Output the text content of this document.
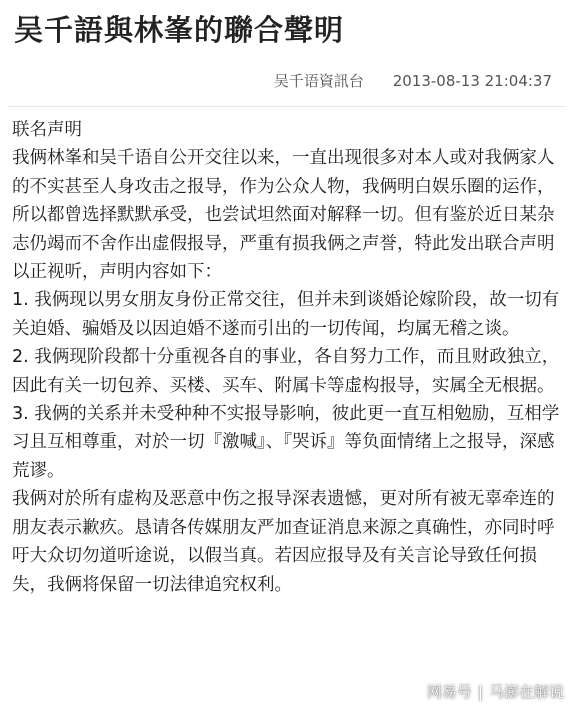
吴千語與林峯的聯合聲明
吴千语資訊台 2013-08-13 21:04:37
联名声明
我俩林峯和吴千语自公开交往以来，一直出现很多对本人或对我俩家人的不实甚至人身攻击之报导，作为公众人物，我俩明白娱乐圈的运作，所以都曾选择默默承受，也尝试坦然面对解释一切。但有鉴於近日某杂志仍竭而不舍作出虚假报导，严重有损我俩之声誉，特此发出联合声明以正视听，声明内容如下：
1. 我俩现以男女朋友身份正常交往，但并未到谈婚论嫁阶段，故一切有关迫婚、骗婚及以因迫婚不遂而引出的一切传闻，均属无稽之谈。
2. 我俩现阶段都十分重视各自的事业，各自努力工作，而且财政独立，因此有关一切包养、买楼、买车、附属卡等虚构报导，实属全无根据。
3. 我俩的关系并未受种种不实报导影响，彼此更一直互相勉励，互相学习且互相尊重，对於一切『激喊』、『哭诉』等负面情绪上之报导，深感荒谬。
我俩对於所有虚构及恶意中伤之报导深表遗憾，更对所有被无辜牵连的朋友表示歉疚。恳请各传媒朋友严加查证消息来源之真确性，亦同时呼吁大众切勿道听途说，以假当真。若因应报导及有关言论导致任何损失，我俩将保留一切法律追究权利。
网易号 | 马澎在解说
